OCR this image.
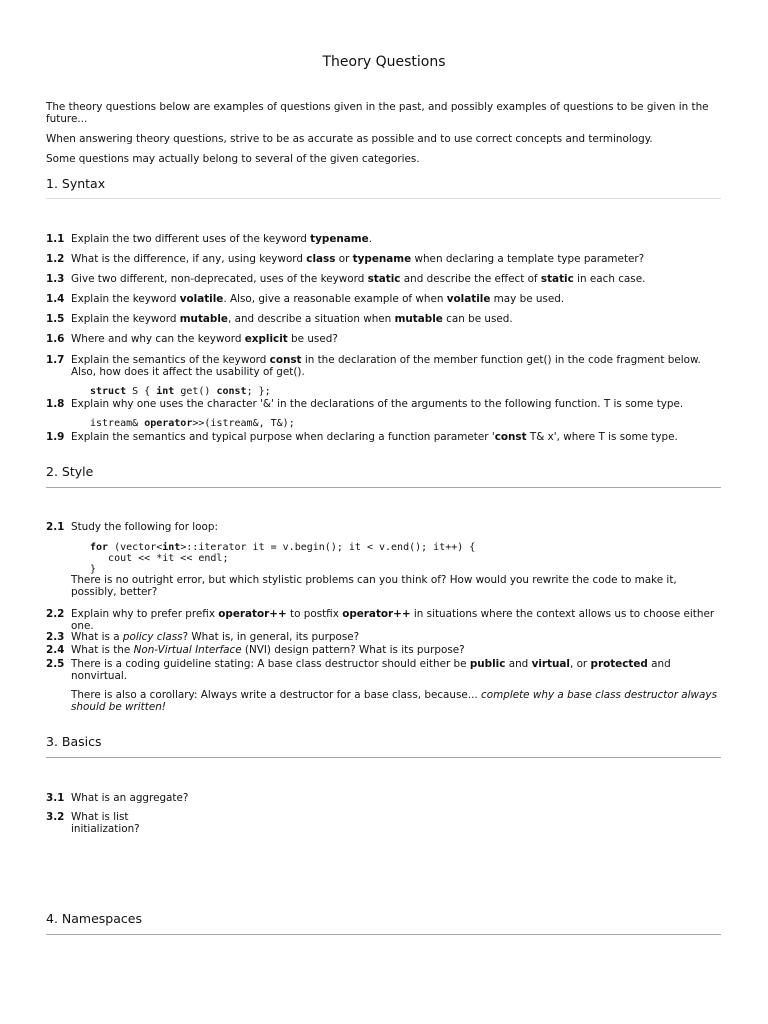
Theory Questions
The theory questions below are examples of questions given in the past, and possibly examples of questions to be given in the future...
When answering theory questions, strive to be as accurate as possible and to use correct concepts and terminology.
Some questions may actually belong to several of the given categories.
1. Syntax
1.1 Explain the two different uses of the keyword typename.
1.2 What is the difference, if any, using keyword class or typename when declaring a template type parameter?
1.3 Give two different, non-deprecated, uses of the keyword static and describe the effect of static in each case.
1.4 Explain the keyword volatile. Also, give a reasonable example of when volatile may be used.
1.5 Explain the keyword mutable, and describe a situation when mutable can be used.
1.6 Where and why can the keyword explicit be used?
1.7 Explain the semantics of the keyword const in the declaration of the member function get() in the code fragment below. Also, how does it affect the usability of get().
struct S { int get() const; };
1.8 Explain why one uses the character '&' in the declarations of the arguments to the following function. T is some type.
istream& operator>>(istream&, T&);
1.9 Explain the semantics and typical purpose when declaring a function parameter 'const T& x', where T is some type.
2. Style
2.1 Study the following for loop:
for (vector<int>::iterator it = v.begin(); it < v.end(); it++) {
cout << *it << endl;
}
There is no outright error, but which stylistic problems can you think of? How would you rewrite the code to make it, possibly, better?
2.2 Explain why to prefer prefix operator++ to postfix operator++ in situations where the context allows us to choose either one.
2.3 What is a policy class? What is, in general, its purpose?
2.4 What is the Non-Virtual Interface (NVI) design pattern? What is its purpose?
2.5 There is a coding guideline stating: A base class destructor should either be public and virtual, or protected and nonvirtual.
There is also a corollary: Always write a destructor for a base class, because... complete why a base class destructor always should be written!
3. Basics
3.1 What is an aggregate?
3.2 What is list
initialization?
4. Namespaces
